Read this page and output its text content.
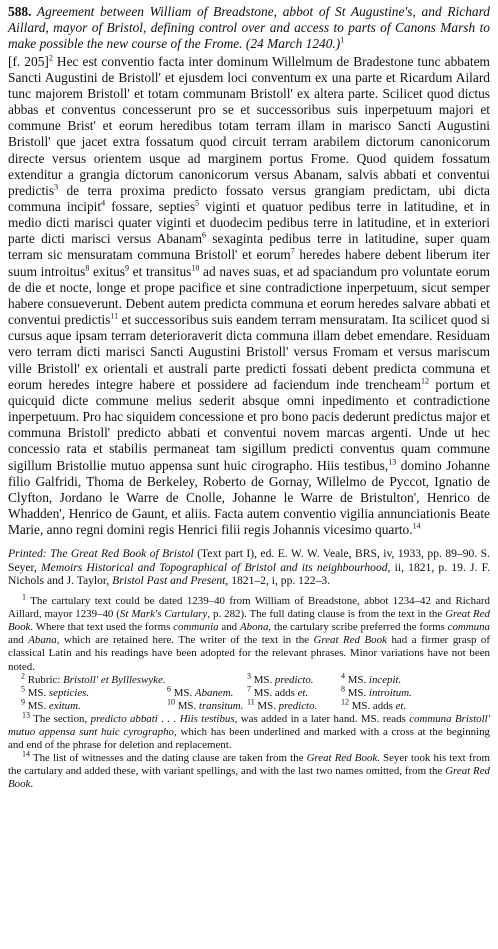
588. Agreement between William of Breadstone, abbot of St Augustine's, and Richard Aillard, mayor of Bristol, defining control over and access to parts of Canons Marsh to make possible the new course of the Frome. (24 March 1240.)$^1$

[f. 205]$^2$ Hec est conventio facta inter dominum Willelmum de Bradestone tunc abbatem Sancti Augustini de Bristoll' et ejusdem loci conventum ex una parte et Ricardum Ailard tunc majorem Bristoll' et totam communam Bristoll' ex altera parte. Scilicet quod dictus abbas et conventus concesserunt pro se et successoribus suis inperpetuum majori et commune Brist' et eorum heredibus totam terram illam in marisco Sancti Augustini Bristoll' que jacet extra fossatum quod circuit terram arabilem dictorum canonicorum directe versus orientem usque ad marginem portus Frome. Quod quidem fossatum extenditur a grangia dictorum canonicorum versus Abanam, salvis abbati et conventui predictis$^3$ de terra proxima predicto fossato versus grangiam predictam, ubi dicta communa incipit$^4$ fossare, septies$^5$ viginti et quatuor pedibus terre in latitudine, et in medio dicti marisci quater viginti et duodecim pedibus terre in latitudine, et in exteriori parte dicti marisci versus Abanam$^6$ sexaginta pedibus terre in latitudine, super quam terram sic mensuratam communa Bristoll' et eorum$^7$ heredes habere debent liberum iter suum introitus$^8$ exitus$^9$ et transitus$^{10}$ ad naves suas, et ad spaciandum pro voluntate eorum de die et nocte, longe et prope pacifice et sine contradictione inperpetuum, sicut semper habere consueverunt. Debent autem predicta communa et eorum heredes salvare abbati et conventui predictis$^{11}$ et successoribus suis eandem terram mensuratam. Ita scilicet quod si cursus aque ipsam terram deterioraverit dicta communa illam debet emendare. Residuam vero terram dicti marisci Sancti Augustini Bristoll' versus Fromam et versus mariscum ville Bristoll' ex orientali et australi parte predicti fossati debent predicta communa et eorum heredes integre habere et possidere ad faciendum inde trencheam$^{12}$ portum et quicquid dicte commune melius sederit absque omni inpedimento et contradictione inperpetuum. Pro hac siquidem concessione et pro bono pacis dederunt predictus major et communa Bristoll' predicto abbati et conventui novem marcas argenti. Unde ut hec concessio rata et stabilis permaneat tam sigillum predicti conventus quam commune sigillum Bristollie mutuo appensa sunt huic cirographo. Hiis testibus,$^{13}$ domino Johanne filio Galfridi, Thoma de Berkeley, Roberto de Gornay, Willelmo de Pyccot, Ignatio de Clyfton, Jordano le Warre de Cnolle, Johanne le Warre de Bristulton', Henrico de Whadden', Henrico de Gaunt, et aliis. Facta autem conventio vigilia annunciationis Beate Marie, anno regni domini regis Henrici filii regis Johannis vicesimo quarto.$^{14}$

Printed: The Great Red Book of Bristol (Text part I), ed. E. W. W. Veale, BRS, iv, 1933, pp. 89–90. S. Seyer, Memoirs Historical and Topographical of Bristol and its neighbourhood, ii, 1821, p. 19. J. F. Nichols and J. Taylor, Bristol Past and Present, 1821–2, i, pp. 122–3.

$^1$ The cartulary text could be dated 1239–40 from William of Breadstone, abbot 1234–42 and Richard Aillard, mayor 1239–40 (St Mark's Cartulary, p. 282). The full dating clause is from the text in the Great Red Book. Where that text used the forms communia and Abona, the cartulary scribe preferred the forms communa and Abana, which are retained here. The writer of the text in the Great Red Book had a firmer grasp of classical Latin and his readings have been adopted for the relevant phrases. Minor variations have not been noted.

$^2$ Rubric: Bristoll' et Byllleswyke.	$^3$ MS. predicto.	$^4$ MS. incepit.
$^5$ MS. septicies.	$^6$ MS. Abanem.	$^7$ MS. adds et.	$^8$ MS. introitum.
$^9$ MS. exitum.	$^{10}$ MS. transitum. $^{11}$ MS. predicto.	$^{12}$ MS. adds et.

$^{13}$ The section, predicto abbati . . . Hiis testibus, was added in a later hand. MS. reads communa Bristoll' mutuo appensa sunt huic cyrographo, which has been underlined and marked with a cross at the beginning and end of the phrase for deletion and replacement.

$^{14}$ The list of witnesses and the dating clause are taken from the Great Red Book. Seyer took his text from the cartulary and added these, with variant spellings, and with the last two names omitted, from the Great Red Book.
